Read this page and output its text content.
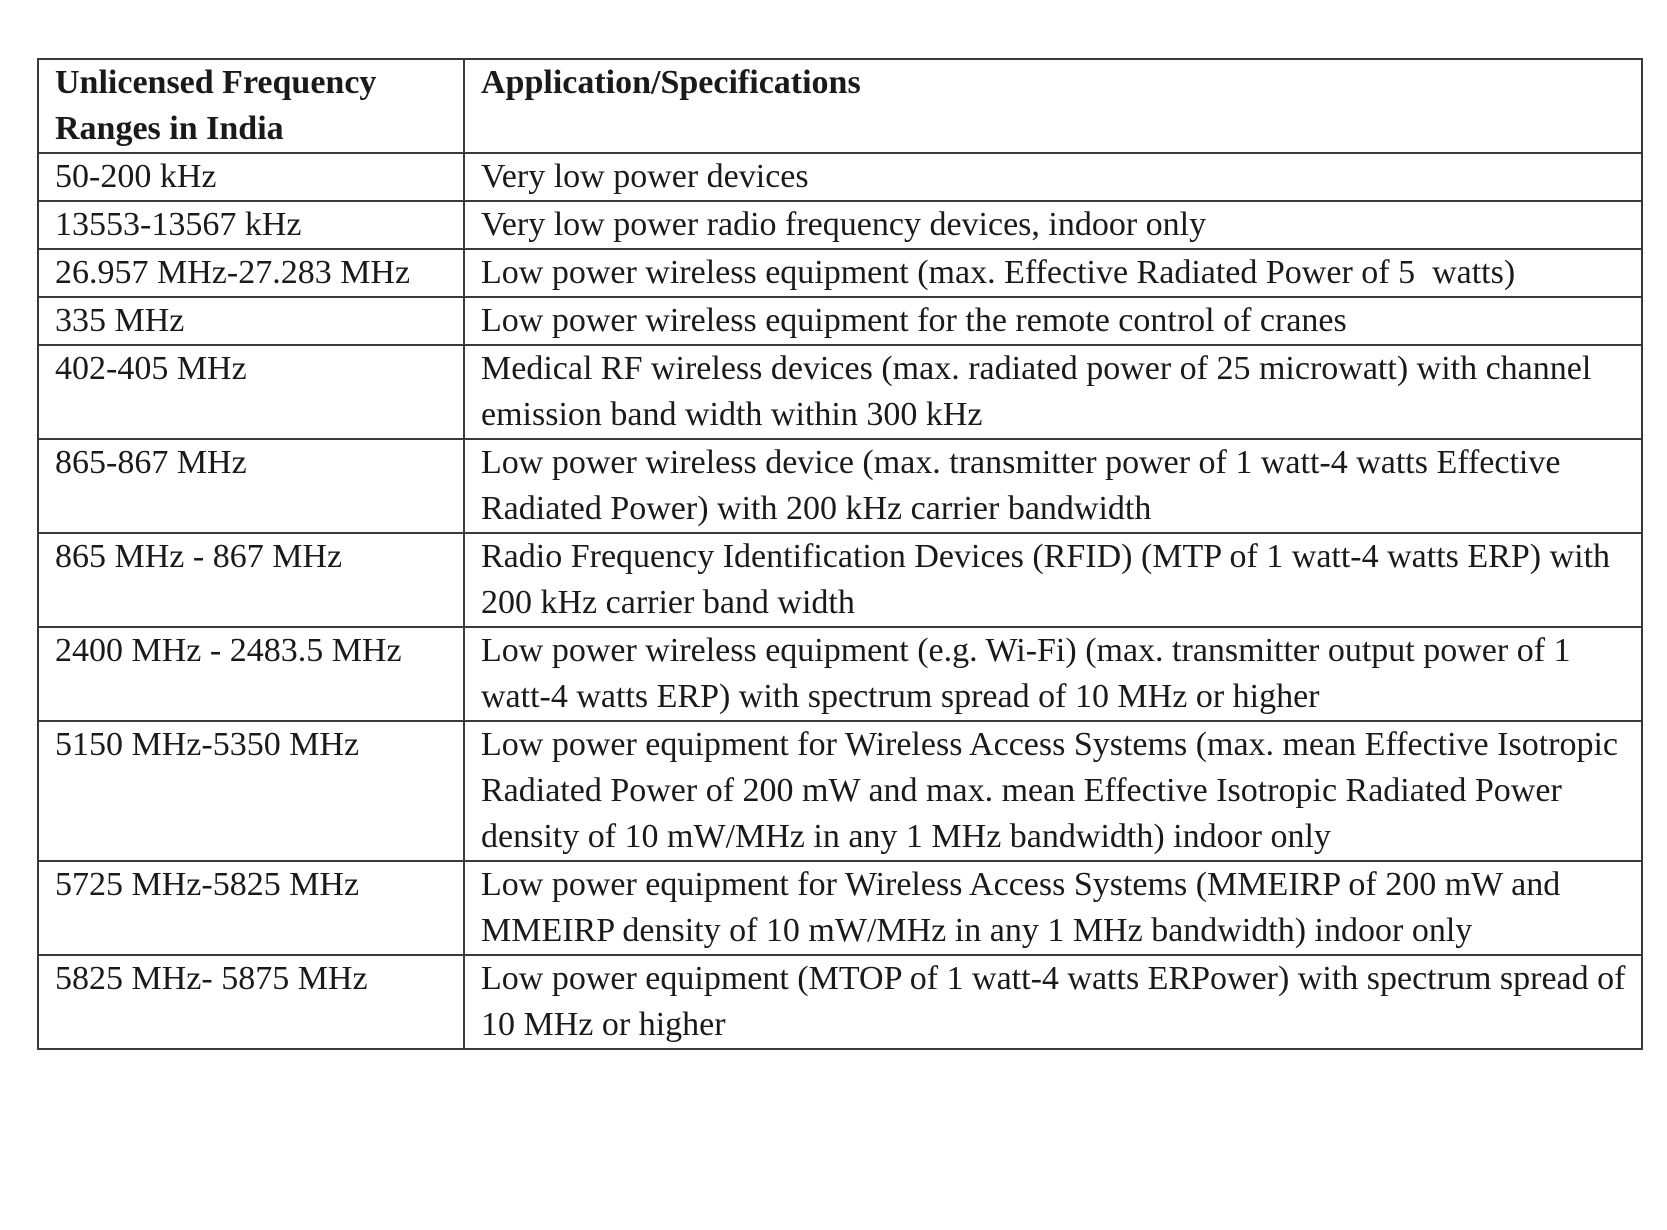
Unlicensed Frequency Ranges in India	Application/Specifications
50-200 kHz	Very low power devices
13553-13567 kHz	Very low power radio frequency devices, indoor only
26.957 MHz-27.283 MHz	Low power wireless equipment (max. Effective Radiated Power of 5  watts)
335 MHz	Low power wireless equipment for the remote control of cranes
402-405 MHz	Medical RF wireless devices (max. radiated power of 25 microwatt) with channel emission band width within 300 kHz
865-867 MHz	Low power wireless device (max. transmitter power of 1 watt-4 watts Effective Radiated Power) with 200 kHz carrier bandwidth
865 MHz - 867 MHz	Radio Frequency Identification Devices (RFID) (MTP of 1 watt-4 watts ERP) with 200 kHz carrier band width
2400 MHz - 2483.5 MHz	Low power wireless equipment (e.g. Wi-Fi) (max. transmitter output power of 1 watt-4 watts ERP) with spectrum spread of 10 MHz or higher
5150 MHz-5350 MHz	Low power equipment for Wireless Access Systems (max. mean Effective Isotropic Radiated Power of 200 mW and max. mean Effective Isotropic Radiated Power density of 10 mW/MHz in any 1 MHz bandwidth) indoor only
5725 MHz-5825 MHz	Low power equipment for Wireless Access Systems (MMEIRP of 200 mW and MMEIRP density of 10 mW/MHz in any 1 MHz bandwidth) indoor only
5825 MHz- 5875 MHz	Low power equipment (MTOP of 1 watt-4 watts ERPower) with spectrum spread of 10 MHz or higher
